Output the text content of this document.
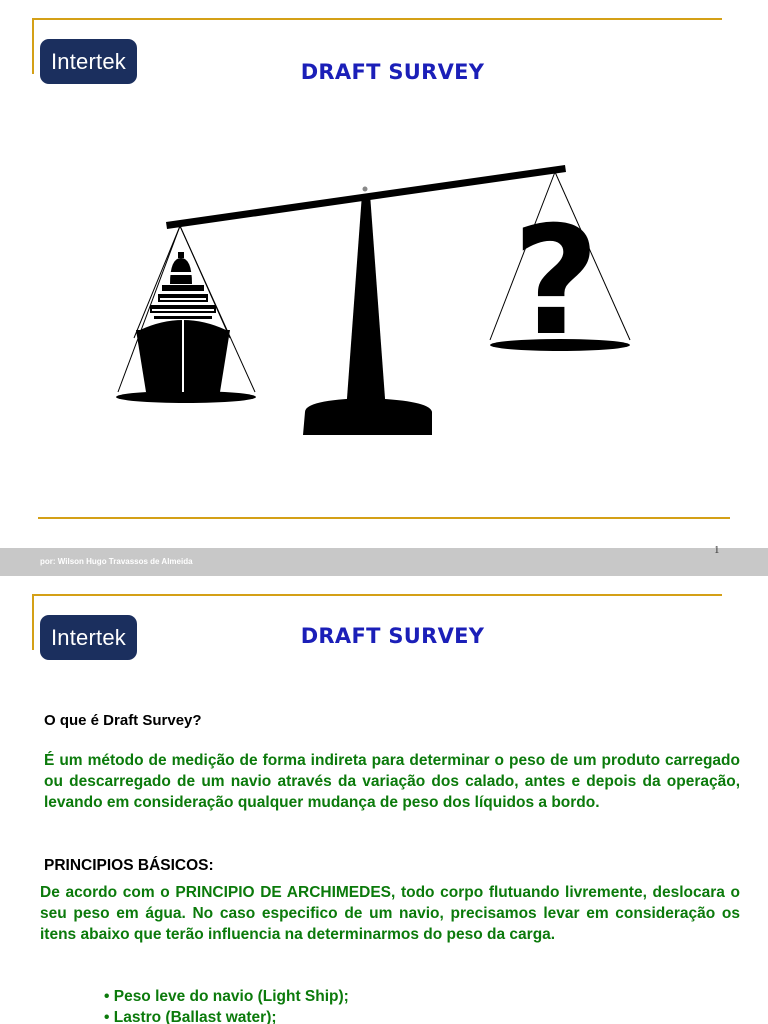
Intertek	DRAFT SURVEY
?
por: Wilson Hugo Travassos de Almeida
1
Intertek	DRAFT SURVEY
O que é Draft Survey?
É um método de medição de forma indireta para determinar o peso de um produto carregado ou descarregado de um navio através da variação dos calado, antes e depois da operação, levando em consideração qualquer mudança de peso dos líquidos a bordo.
PRINCIPIOS BÁSICOS:
De acordo com o PRINCIPIO DE ARCHIMEDES, todo corpo flutuando livremente, deslocara o seu peso em água. No caso especifico de um navio, precisamos levar em consideração os itens abaixo que terão influencia na determinarmos do peso da carga.
• Peso leve do navio (Light Ship);
• Lastro (Ballast water);
